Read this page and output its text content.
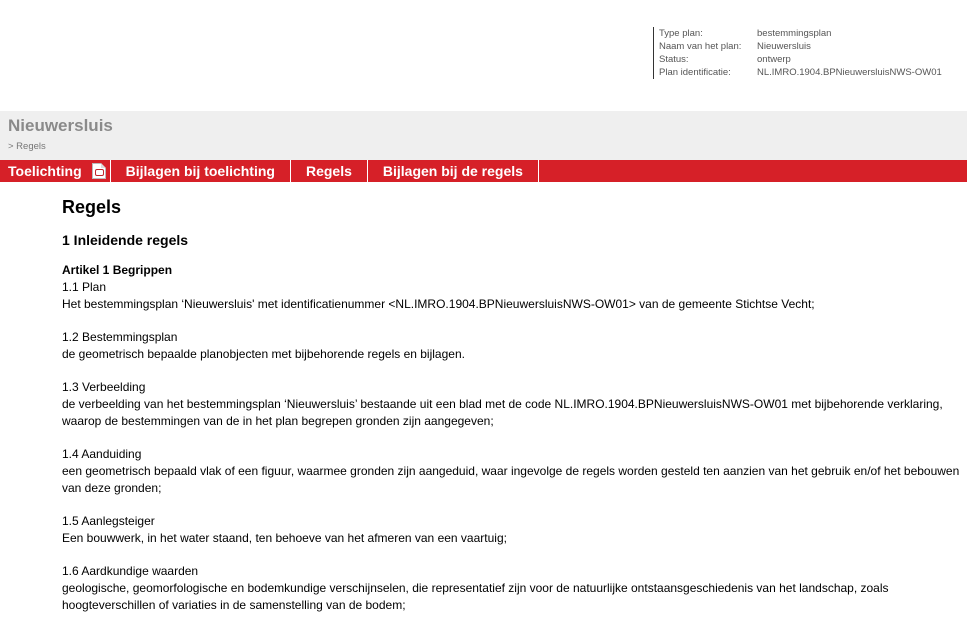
Type plan:	bestemmingsplan
Naam van het plan:	Nieuwersluis
Status:	ontwerp
Plan identificatie:	NL.IMRO.1904.BPNieuwersluisNWS-OW01
Nieuwersluis
> Regels
Toelichting	Bijlagen bij toelichting Regels Bijlagen bij de regels
Regels
1 Inleidende regels
Artikel 1 Begrippen

1.1 Plan

Het bestemmingsplan ‘Nieuwersluis' met identificatienummer <NL.IMRO.1904.BPNieuwersluisNWS-OW01> van de gemeente Stichtse Vecht;

1.2 Bestemmingsplan

de geometrisch bepaalde planobjecten met bijbehorende regels en bijlagen.

1.3 Verbeelding

de verbeelding van het bestemmingsplan ‘Nieuwersluis’ bestaande uit een blad met de code NL.IMRO.1904.BPNieuwersluisNWS-OW01 met bijbehorende verklaring, waarop de bestemmingen van de in het plan begrepen gronden zijn aangegeven;

1.4 Aanduiding

een geometrisch bepaald vlak of een figuur, waarmee gronden zijn aangeduid, waar ingevolge de regels worden gesteld ten aanzien van het gebruik en/of het bebouwen van deze gronden;

1.5 Aanlegsteiger

Een bouwwerk, in het water staand, ten behoeve van het afmeren van een vaartuig;

1.6 Aardkundige waarden

geologische, geomorfologische en bodemkundige verschijnselen, die representatief zijn voor de natuurlijke ontstaansgeschiedenis van het landschap, zoals hoogteverschillen of variaties in de samenstelling van de bodem;
